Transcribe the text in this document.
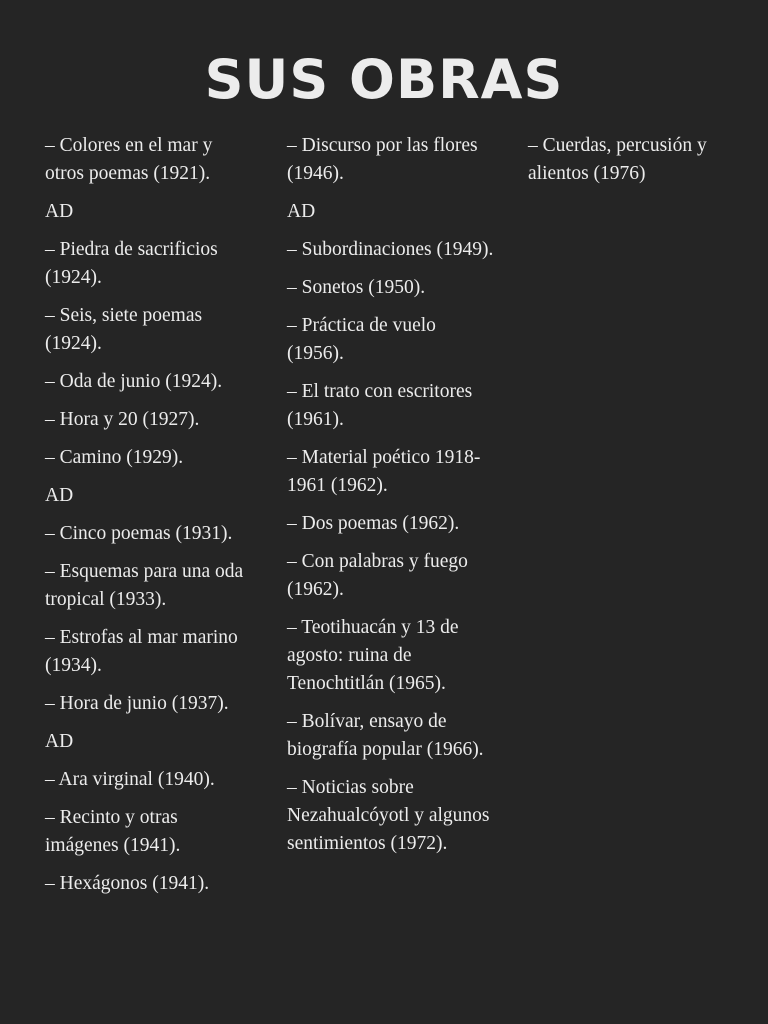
SUS OBRAS

– Colores en el mar y otros poemas (1921).

AD

– Piedra de sacrificios (1924).

– Seis, siete poemas (1924).

– Oda de junio (1924).

– Hora y 20 (1927).

– Camino (1929).

AD

– Cinco poemas (1931).

– Esquemas para una oda tropical (1933).

– Estrofas al mar marino (1934).

– Hora de junio (1937).

AD

– Ara virginal (1940).

– Recinto y otras imágenes (1941).

– Hexágonos (1941).

– Discurso por las flores (1946).

AD

– Subordinaciones (1949).

– Sonetos (1950).

– Práctica de vuelo (1956).

– El trato con escritores (1961).

– Material poético 1918-1961 (1962).

– Dos poemas (1962).

– Con palabras y fuego (1962).

– Teotihuacán y 13 de agosto: ruina de Tenochtitlán (1965).

– Bolívar, ensayo de biografía popular (1966).

– Noticias sobre Nezahualcóyotl y algunos sentimientos (1972).

– Cuerdas, percusión y alientos (1976)
